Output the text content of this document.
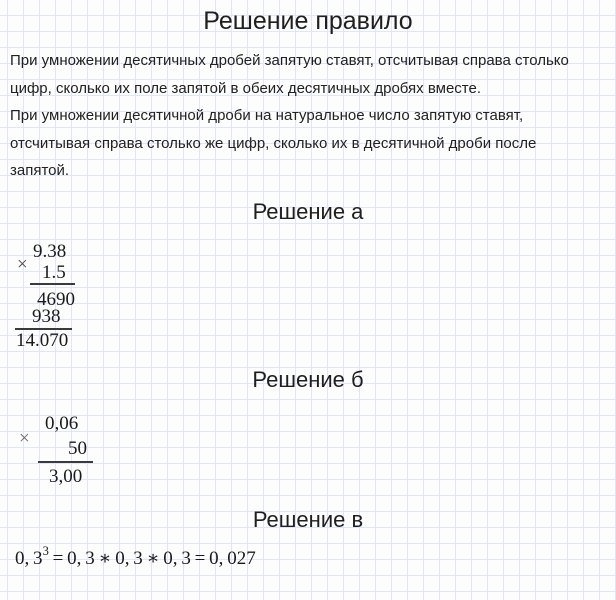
Решение правило
При умножении десятичных дробей запятую ставят, отсчитывая справа столько
цифр, сколько их поле запятой в обеих десятичных дробях вместе.
При умножении десятичной дроби на натуральное число запятую ставят,
отсчитывая справа столько же цифр, сколько их в десятичной дроби после
запятой.
Решение а
×
9.38
1.5
4690
938
14.070
Решение б
×
0,06
50
3,00
Решение в
0, 33 = 0, 3 ∗ 0, 3 ∗ 0, 3 = 0, 027
